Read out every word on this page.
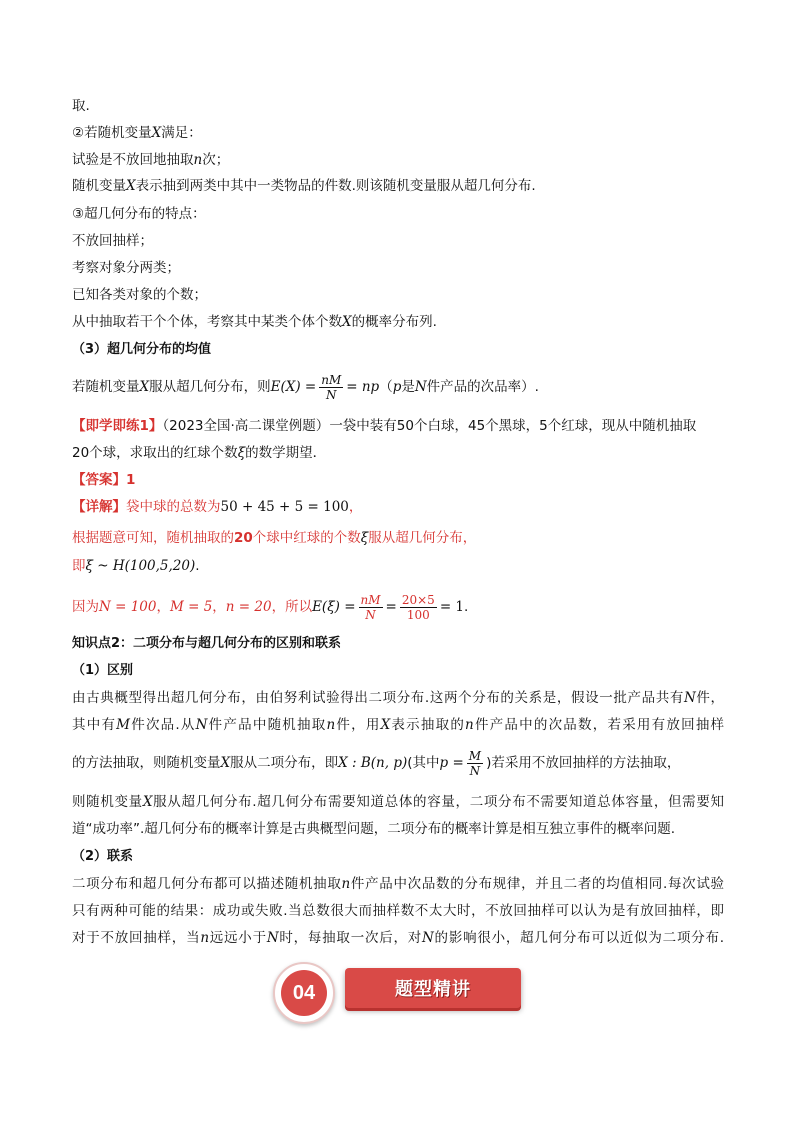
取.
②若随机变量X满足：
试验是不放回地抽取n次；
随机变量X表示抽到两类中其中一类物品的件数.则该随机变量服从超几何分布.
③超几何分布的特点：
不放回抽样；
考察对象分两类；
已知各类对象的个数；
从中抽取若干个个体，考察其中某类个体个数X的概率分布列.
（3）超几何分布的均值
若随机变量X服从超几何分布，则$E(X) = \frac{nM}{N} = np(p$是N件产品的次品率）.
【即学即练1】（2023全国·高二课堂例题）一袋中装有50个白球，45个黑球，5个红球，现从中随机抽取
20个球，求取出的红球个数ξ的数学期望．
【答案】1
【详解】袋中球的总数为50 + 45 + 5 = 100，
根据题意可知，随机抽取的20个球中红球的个数ξ服从超几何分布，
即ξ ~ H(100,5,20).
因为N = 100，M = 5，n = 20，所以$E(\xi) = \frac{nM}{N} = \frac{20\times 5}{100} = 1$.
知识点2：二项分布与超几何分布的区别和联系
（1）区别
由古典概型得出超几何分布，由伯努利试验得出二项分布.这两个分布的关系是，假设一批产品共有N件，
其中有M件次品.从N件产品中随机抽取n件，用X表示抽取的n件产品中的次品数，若采用有放回抽样
的方法抽取，则随机变量X服从二项分布，即X : B(n, p)(其中$p = \frac{M}{N}$ )若采用不放回抽样的方法抽取，
则随机变量X服从超几何分布.超几何分布需要知道总体的容量，二项分布不需要知道总体容量，但需要知
道“成功率”.超几何分布的概率计算是古典概型问题，二项分布的概率计算是相互独立事件的概率问题.
（2）联系
二项分布和超几何分布都可以描述随机抽取n件产品中次品数的分布规律，并且二者的均值相同.每次试验
只有两种可能的结果：成功或失败.当总数很大而抽样数不太大时，不放回抽样可以认为是有放回抽样，即
对于不放回抽样，当n远远小于N时，每抽取一次后，对N的影响很小，超几何分布可以近似为二项分布.
题型精讲
04
